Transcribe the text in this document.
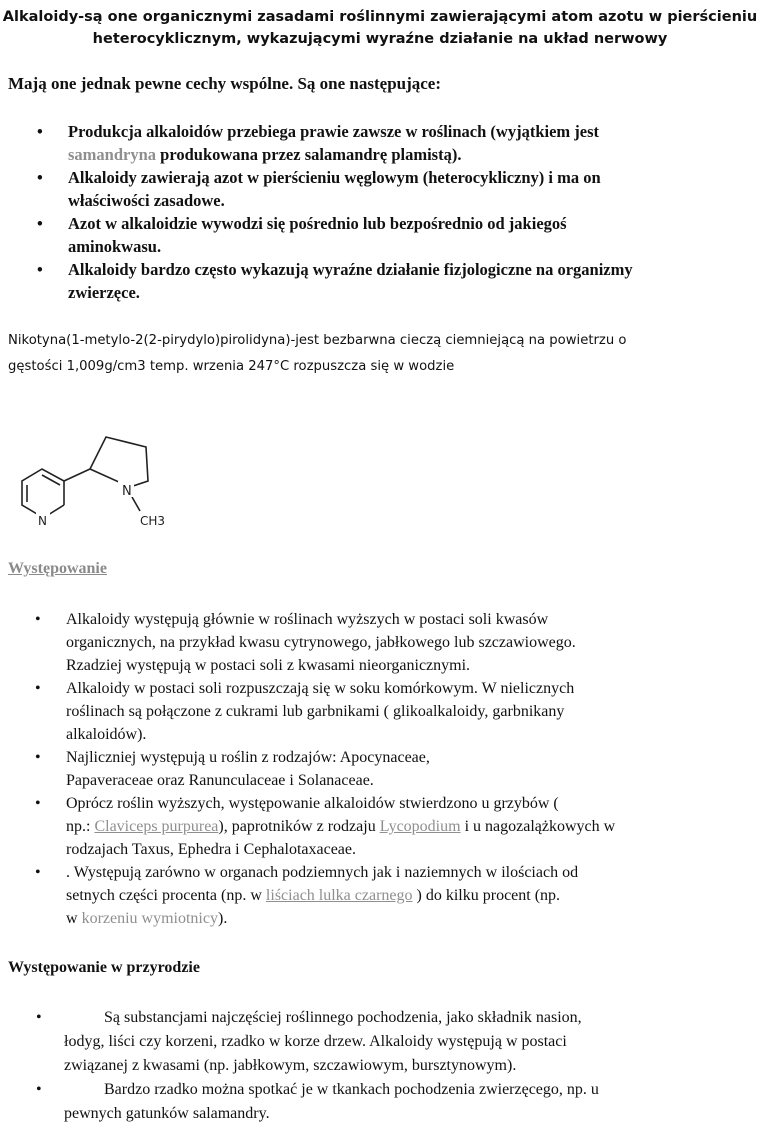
Alkaloidy-są one organicznymi zasadami roślinnymi zawierającymi atom azotu w pierścieniu
heterocyklicznym, wykazującymi wyraźne działanie na układ nerwowy
Mają one jednak pewne cechy wspólne. Są one następujące:
• Produkcja alkaloidów przebiega prawie zawsze w roślinach (wyjątkiem jest
samandryna produkowana przez salamandrę plamistą).
• Alkaloidy zawierają azot w pierścieniu węglowym (heterocykliczny) i ma on
właściwości zasadowe.
• Azot w alkaloidzie wywodzi się pośrednio lub bezpośrednio od jakiegoś
aminokwasu.
• Alkaloidy bardzo często wykazują wyraźne działanie fizjologiczne na organizmy
zwierzęce.
Nikotyna(1-metylo-2(2-pirydylo)pirolidyna)-jest bezbarwna cieczą ciemniejącą na powietrzu o
gęstości 1,009g/cm3 temp. wrzenia 247°C rozpuszcza się w wodzie
N
N	CH3
Występowanie
• Alkaloidy występują głównie w roślinach wyższych w postaci soli kwasów
organicznych, na przykład kwasu cytrynowego, jabłkowego lub szczawiowego.
Rzadziej występują w postaci soli z kwasami nieorganicznymi.
• Alkaloidy w postaci soli rozpuszczają się w soku komórkowym. W nielicznych
roślinach są połączone z cukrami lub garbnikami ( glikoalkaloidy, garbnikany
alkaloidów).
• Najliczniej występują u roślin z rodzajów: Apocynaceae,
Papaveraceae oraz Ranunculaceae i Solanaceae.
• Oprócz roślin wyższych, występowanie alkaloidów stwierdzono u grzybów (
np.: Claviceps purpurea), paprotników z rodzaju Lycopodium i u nagozalążkowych w
rodzajach Taxus, Ephedra i Cephalotaxaceae.
• . Występują zarówno w organach podziemnych jak i naziemnych w ilościach od
setnych części procenta (np. w liściach lulka czarnego ) do kilku procent (np.
w korzeniu wymiotnicy).
Występowanie w przyrodzie
•	Są substancjami najczęściej roślinnego pochodzenia, jako składnik nasion,
łodyg, liści czy korzeni, rzadko w korze drzew. Alkaloidy występują w postaci
związanej z kwasami (np. jabłkowym, szczawiowym, bursztynowym).
•	Bardzo rzadko można spotkać je w tkankach pochodzenia zwierzęcego, np. u
pewnych gatunków salamandry.
